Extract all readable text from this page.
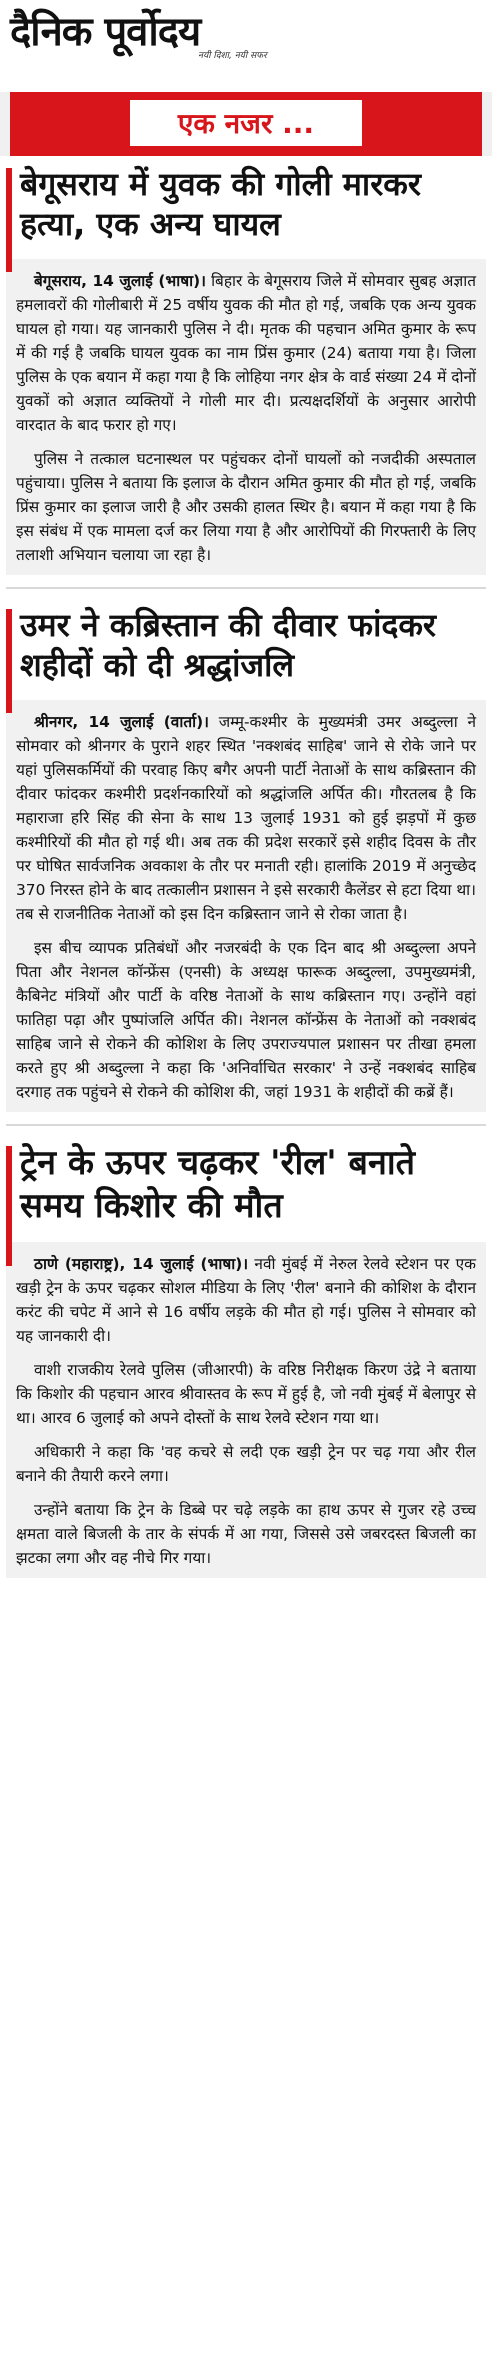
दैनिक पूर्वोदय
नयी दिशा, नयी सफर
एक नजर ...
बेगूसराय में युवक की गोली मारकर हत्या, एक अन्य घायल

बेगूसराय, 14 जुलाई (भाषा)। बिहार के बेगूसराय जिले में सोमवार सुबह अज्ञात हमलावरों की गोलीबारी में 25 वर्षीय युवक की मौत हो गई, जबकि एक अन्य युवक घायल हो गया। यह जानकारी पुलिस ने दी। मृतक की पहचान अमित कुमार के रूप में की गई है जबकि घायल युवक का नाम प्रिंस कुमार (24) बताया गया है। जिला पुलिस के एक बयान में कहा गया है कि लोहिया नगर क्षेत्र के वार्ड संख्या 24 में दोनों युवकों को अज्ञात व्यक्तियों ने गोली मार दी। प्रत्यक्षदर्शियों के अनुसार आरोपी वारदात के बाद फरार हो गए।

पुलिस ने तत्काल घटनास्थल पर पहुंचकर दोनों घायलों को नजदीकी अस्पताल पहुंचाया। पुलिस ने बताया कि इलाज के दौरान अमित कुमार की मौत हो गई, जबकि प्रिंस कुमार का इलाज जारी है और उसकी हालत स्थिर है। बयान में कहा गया है कि इस संबंध में एक मामला दर्ज कर लिया गया है और आरोपियों की गिरफ्तारी के लिए तलाशी अभियान चलाया जा रहा है।

उमर ने कब्रिस्तान की दीवार फांदकर शहीदों को दी श्रद्धांजलि

श्रीनगर, 14 जुलाई (वार्ता)। जम्मू-कश्मीर के मुख्यमंत्री उमर अब्दुल्ला ने सोमवार को श्रीनगर के पुराने शहर स्थित 'नक्शबंद साहिब' जाने से रोके जाने पर यहां पुलिसकर्मियों की परवाह किए बगैर अपनी पार्टी नेताओं के साथ कब्रिस्तान की दीवार फांदकर कश्मीरी प्रदर्शनकारियों को श्रद्धांजलि अर्पित की। गौरतलब है कि महाराजा हरि सिंह की सेना के साथ 13 जुलाई 1931 को हुई झड़पों में कुछ कश्मीरियों की मौत हो गई थी। अब तक की प्रदेश सरकारें इसे शहीद दिवस के तौर पर घोषित सार्वजनिक अवकाश के तौर पर मनाती रही। हालांकि 2019 में अनुच्छेद 370 निरस्त होने के बाद तत्कालीन प्रशासन ने इसे सरकारी कैलेंडर से हटा दिया था। तब से राजनीतिक नेताओं को इस दिन कब्रिस्तान जाने से रोका जाता है।

इस बीच व्यापक प्रतिबंधों और नजरबंदी के एक दिन बाद श्री अब्दुल्ला अपने पिता और नेशनल कॉन्फ्रेंस (एनसी) के अध्यक्ष फारूक अब्दुल्ला, उपमुख्यमंत्री, कैबिनेट मंत्रियों और पार्टी के वरिष्ठ नेताओं के साथ कब्रिस्तान गए। उन्होंने वहां फातिहा पढ़ा और पुष्पांजलि अर्पित की। नेशनल कॉन्फ्रेंस के नेताओं को नक्शबंद साहिब जाने से रोकने की कोशिश के लिए उपराज्यपाल प्रशासन पर तीखा हमला करते हुए श्री अब्दुल्ला ने कहा कि 'अनिर्वाचित सरकार' ने उन्हें नक्शबंद साहिब दरगाह तक पहुंचने से रोकने की कोशिश की, जहां 1931 के शहीदों की कब्रें हैं।

ट्रेन के ऊपर चढ़कर 'रील' बनाते समय किशोर की मौत

ठाणे (महाराष्ट्र), 14 जुलाई (भाषा)। नवी मुंबई में नेरुल रेलवे स्टेशन पर एक खड़ी ट्रेन के ऊपर चढ़कर सोशल मीडिया के लिए 'रील' बनाने की कोशिश के दौरान करंट की चपेट में आने से 16 वर्षीय लड़के की मौत हो गई। पुलिस ने सोमवार को यह जानकारी दी।

वाशी राजकीय रेलवे पुलिस (जीआरपी) के वरिष्ठ निरीक्षक किरण उंद्रे ने बताया कि किशोर की पहचान आरव श्रीवास्तव के रूप में हुई है, जो नवी मुंबई में बेलापुर से था। आरव 6 जुलाई को अपने दोस्तों के साथ रेलवे स्टेशन गया था।

अधिकारी ने कहा कि 'वह कचरे से लदी एक खड़ी ट्रेन पर चढ़ गया और रील बनाने की तैयारी करने लगा।

उन्होंने बताया कि ट्रेन के डिब्बे पर चढ़े लड़के का हाथ ऊपर से गुजर रहे उच्च क्षमता वाले बिजली के तार के संपर्क में आ गया, जिससे उसे जबरदस्त बिजली का झटका लगा और वह नीचे गिर गया।
